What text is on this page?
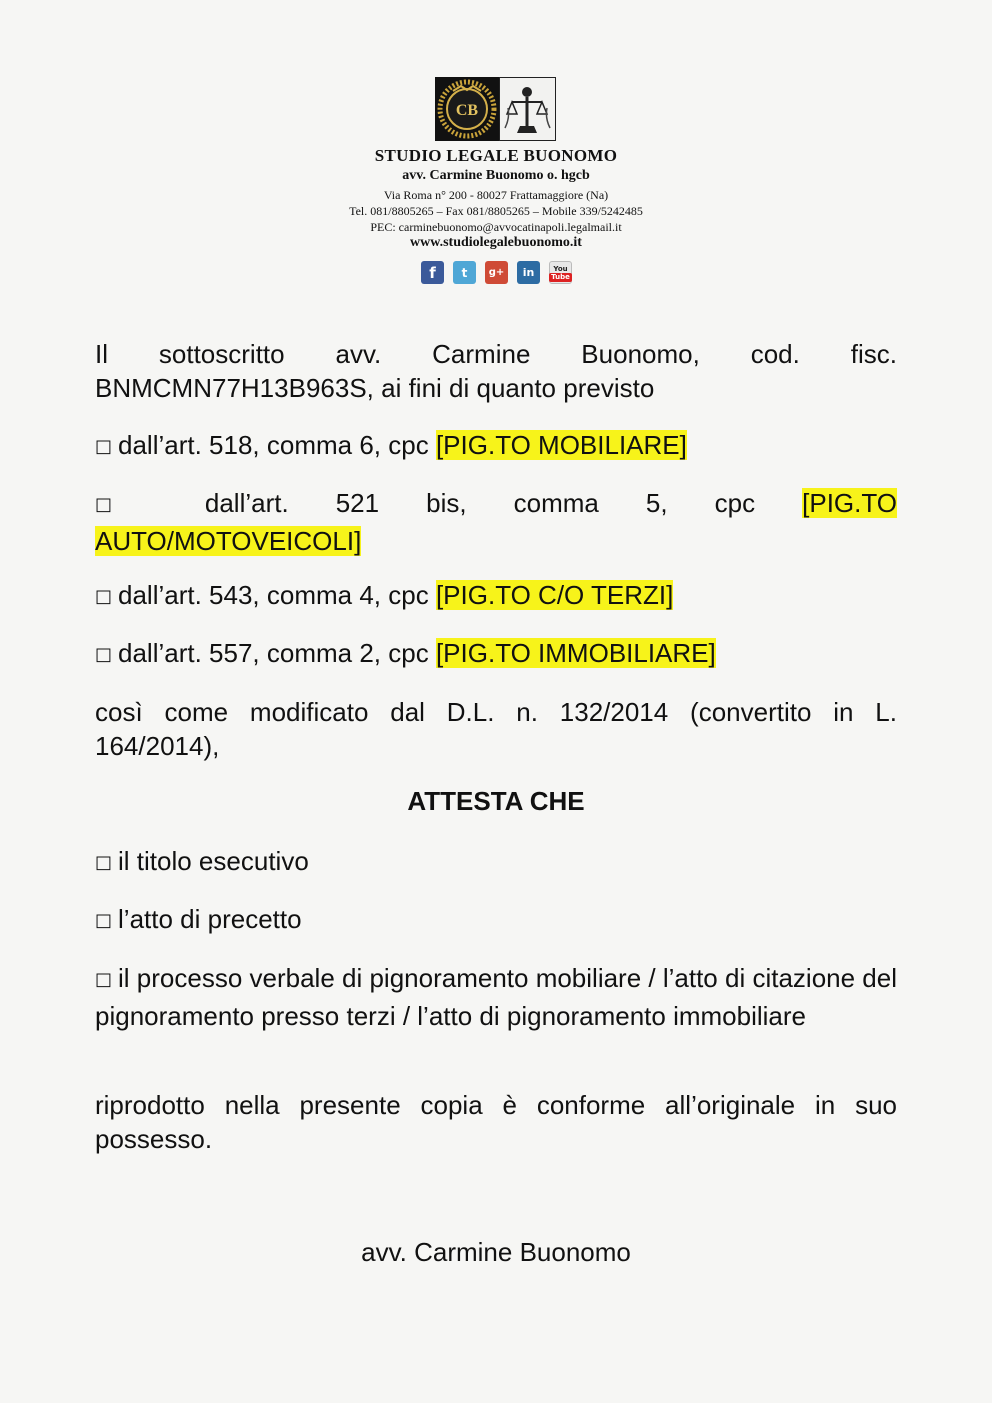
CB
STUDIO LEGALE BUONOMO
avv. Carmine Buonomo o. hgcb
Via Roma n° 200 - 80027 Frattamaggiore (Na)
Tel. 081/8805265 – Fax 081/8805265 – Mobile 339/5242485
PEC: carminebuonomo@avvocatinapoli.legalmail.it
www.studiolegalebuonomo.it
f	t	g+	in	You
Tube

Il sottoscritto avv. Carmine Buonomo, cod. fisc. BNMCMN77H13B963S, ai fini di quanto previsto

□ dall’art. 518, comma 6, cpc [PIG.TO MOBILIARE]

□ dall’art. 521 bis, comma 5, cpc [PIG.TO
AUTO/MOTOVEICOLI]

□ dall’art. 543, comma 4, cpc [PIG.TO C/O TERZI]

□ dall’art. 557, comma 2, cpc [PIG.TO IMMOBILIARE]

così come modificato dal D.L. n. 132/2014 (convertito in L. 164/2014),

ATTESTA CHE

□ il titolo esecutivo

□ l’atto di precetto

□ il processo verbale di pignoramento mobiliare / l’atto di citazione del pignoramento presso terzi / l’atto di pignoramento immobiliare

riprodotto nella presente copia è conforme all’originale in suo possesso.

avv. Carmine Buonomo
